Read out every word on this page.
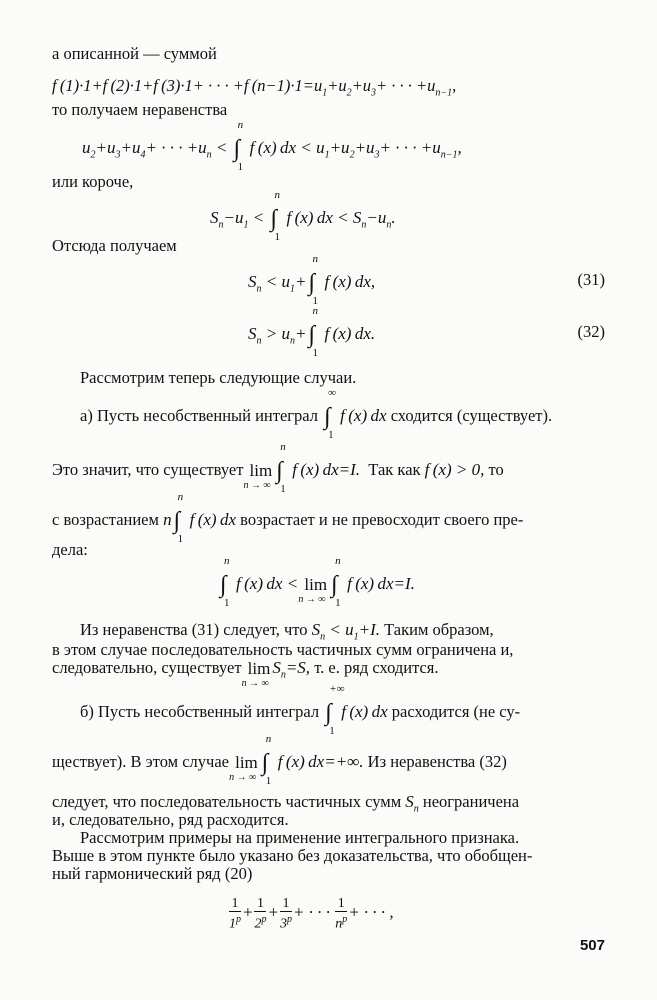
а описанной — суммой
f (1)·1+f (2)·1+f (3)·1+ · · · +f $(n-1)\cdot 1=u_1+u_2+u_3+$ · · · $+u_{n-1}$,
то получаем неравенства
$u_2+u_3+u_4+$ · · · $+u_n$ < ∫
n
1
f (x) dx < $u_1+u_2+u_3+$ · · · $+u_{n-1}$,
или короче,
$S_n-u_1$ < ∫
n
1
f (x) dx < $S_n-u_n$.
Отсюда получаем
$S_n < u_1+$ ∫
n
1
f (x) dx,	(31)
$S_n > u_n+$ ∫
n
1
f (x) dx.	(32)
Рассмотрим теперь следующие случаи.
а) Пусть несобственный интеграл ∫
∞
1
f (x) dx сходится (существует).
Это значит, что существует lim
n → ∞
∫
n
1
f (x) dx=I. Так как f (x) > 0, то
с возрастанием n ∫
n
1
f (x) dx возрастает и не превосходит своего пре-
дела:
∫
n
1
f (x) dx < lim
n → ∞
∫
n
1
f (x) dx=I.
Из неравенства (31) следует, что $S_n < u_1+I$. Таким образом,
в этом случае последовательность частичных сумм ограничена и,
следовательно, существует lim
n → ∞
$S_n=S$, т. е. ряд сходится.
б) Пусть несобственный интеграл ∫
+∞
1
f (x) dx расходится (не су-
ществует). В этом случае lim
n → ∞
∫
n
1
f (x) dx=+∞. Из неравенства (32)
следует, что последовательность частичных сумм $S_n$ неограничена
и, следовательно, ряд расходится.
Рассмотрим примеры на применение интегрального признака.
Выше в этом пункте было указано без доказательства, что обобщен-
ный гармонический ряд (20)
$\frac{1}{1^p} + \frac{1}{2^p} + \frac{1}{3^p}$ + · · · $\frac{1}{n^p}$ + · · · ,
507
